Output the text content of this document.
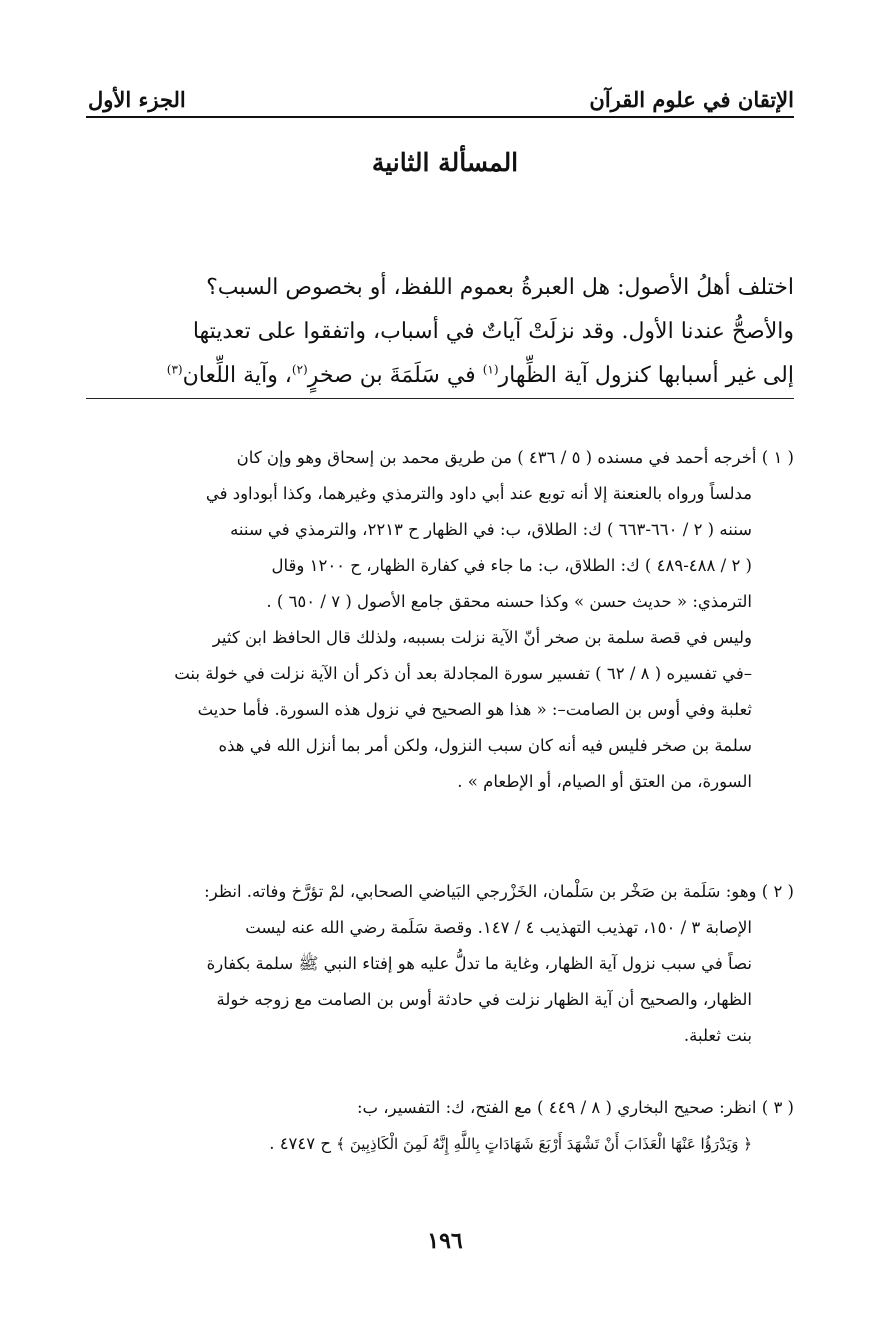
الإتقان في علوم القرآن
الجزء الأول
المسألة الثانية

اختلف أهلُ الأصول: هل العبرةُ بعموم اللفظ، أو بخصوص السبب؟

والأصحُّ عندنا الأول. وقد نزلَتْ آياتٌ في أسباب، واتفقوا على تعديتها

إلى غير أسبابها كنزول آية الظِّهار$^{(١)}$ في سَلَمَةَ بن صخرٍ$^{(٢)}$، وآية اللِّعان$^{(٣)}$

( ١ ) أخرجه أحمد في مسنده ( ٥ / ٤٣٦ ) من طريق محمد بن إسحاق وهو وإن كان

مدلساً ورواه بالعنعنة إلا أنه توبع عند أبي داود والترمذي وغيرهما، وكذا أبوداود في

سننه ( ٢ / ٦٦٠-٦٦٣ ) ك: الطلاق، ب: في الظهار ح ٢٢١٣، والترمذي في سننه

( ٢ / ٤٨٨-٤٨٩ ) ك: الطلاق، ب: ما جاء في كفارة الظهار، ح ١٢٠٠ وقال

الترمذي: « حديث حسن » وكذا حسنه محقق جامع الأصول ( ٧ / ٦٥٠ ) .

وليس في قصة سلمة بن صخر أنّ الآية نزلت بسببه، ولذلك قال الحافظ ابن كثير

–في تفسيره ( ٨ / ٦٢ ) تفسير سورة المجادلة بعد أن ذكر أن الآية نزلت في خولة بنت

ثعلبة وفي أوس بن الصامت–: « هذا هو الصحيح في نزول هذه السورة. فأما حديث

سلمة بن صخر فليس فيه أنه كان سبب النزول، ولكن أمر بما أنزل الله في هذه

السورة، من العتق أو الصيام، أو الإطعام » .

( ٢ ) وهو: سَلَمة بن صَخْر بن سَلْمان، الخَزْرجي البَياضي الصحابي، لمْ تؤرَّخ وفاته. انظر:

الإصابة ٣ / ١٥٠، تهذيب التهذيب ٤ / ١٤٧. وقصة سَلَمة رضي الله عنه ليست

نصاً في سبب نزول آية الظهار، وغاية ما تدلُّ عليه هو إفتاء النبي ﷺ سلمة بكفارة

الظهار، والصحيح أن آية الظهار نزلت في حادثة أوس بن الصامت مع زوجه خولة

بنت ثعلبة.

( ٣ ) انظر: صحيح البخاري ( ٨ / ٤٤٩ ) مع الفتح، ك: التفسير، ب:

﴿ وَيَدْرَؤُا عَنْهَا الْعَذَابَ أَنْ تَشْهَدَ أَرْبَعَ شَهَادَاتٍ بِاللَّهِ إِنَّهُ لَمِنَ الْكَاذِبِينَ ﴾ ح ٤٧٤٧ .

١٩٦
